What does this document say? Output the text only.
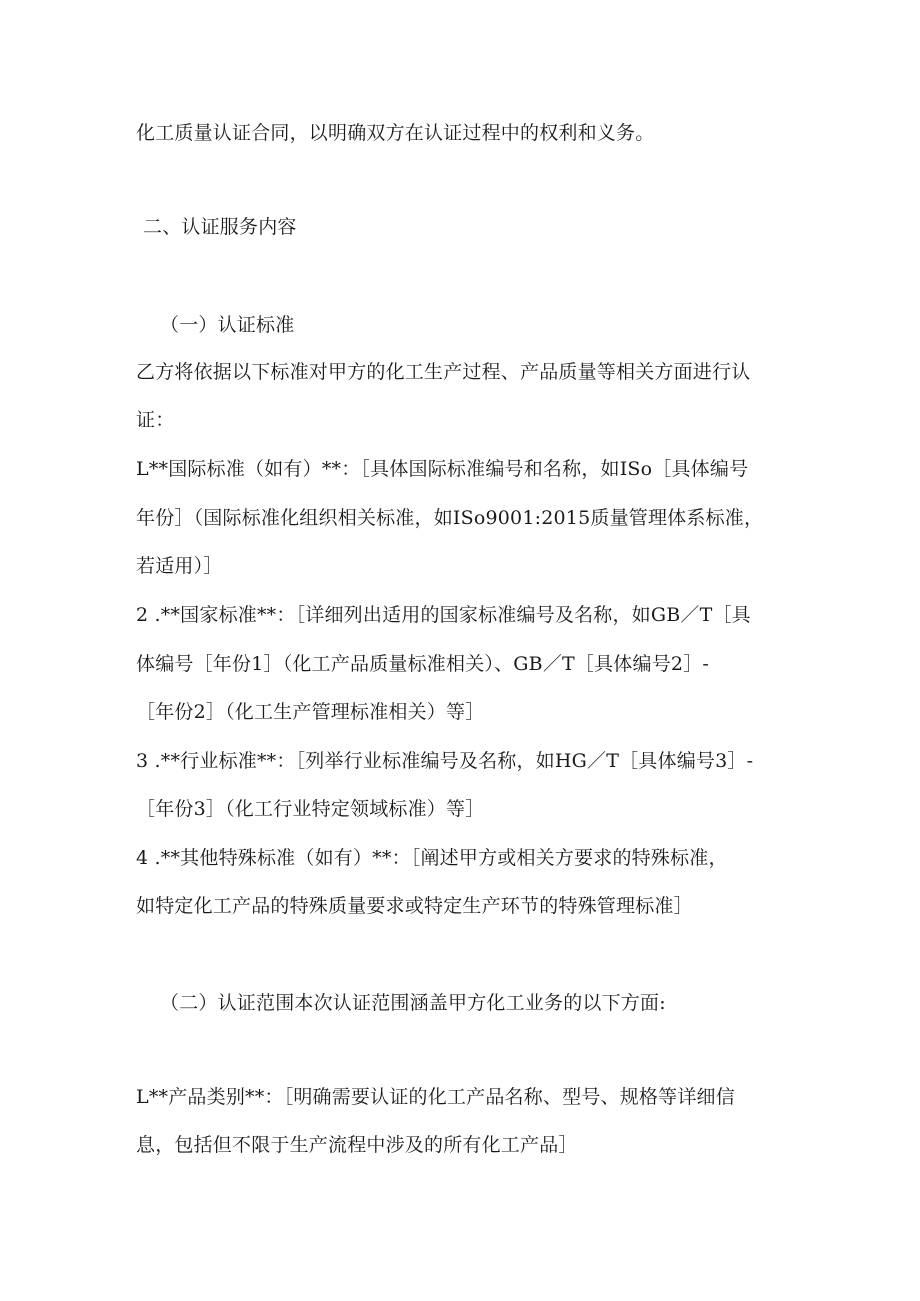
化工质量认证合同，以明确双方在认证过程中的权利和义务。
二、认证服务内容
（一）认证标准
乙方将依据以下标准对甲方的化工生产过程、产品质量等相关方面进行认
证：
L**国际标准（如有）**：［具体国际标准编号和名称，如ISo［具体编号
年份］（国际标准化组织相关标准，如ISo9001:2015质量管理体系标准，
若适用）］
2 .**国家标准**：［详细列出适用的国家标准编号及名称，如GB／T［具
体编号［年份1］（化工产品质量标准相关）、GB／T［具体编号2］-
［年份2］（化工生产管理标准相关）等］
3 .**行业标准**：［列举行业标准编号及名称，如HG／T［具体编号3］-
［年份3］（化工行业特定领域标准）等］
4 .**其他特殊标准（如有）**：［阐述甲方或相关方要求的特殊标准，
如特定化工产品的特殊质量要求或特定生产环节的特殊管理标准］
（二）认证范围本次认证范围涵盖甲方化工业务的以下方面:
L**产品类别**：［明确需要认证的化工产品名称、型号、规格等详细信
息，包括但不限于生产流程中涉及的所有化工产品］
